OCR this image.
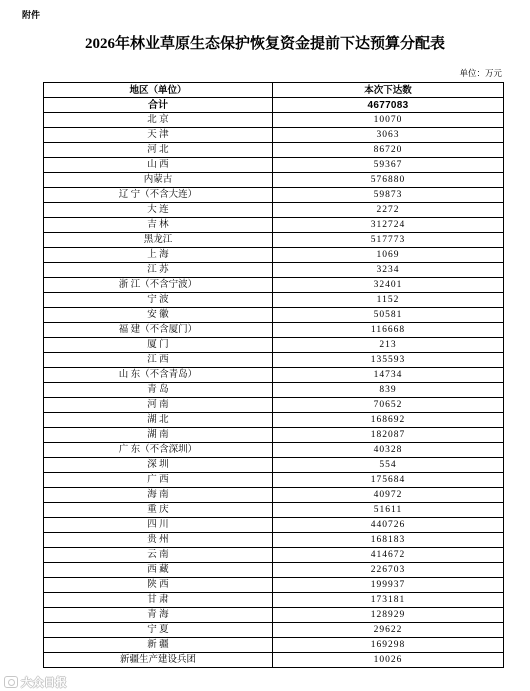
附件
2026年林业草原生态保护恢复资金提前下达预算分配表
单位：万元
地区（单位）	本次下达数
合计	4677083
北 京	10070
天 津	3063
河 北	86720
山 西	59367
内蒙古	576880
辽 宁（不含大连）	59873
大 连	2272
吉 林	312724
黑龙江	517773
上 海	1069
江 苏	3234
浙 江（不含宁波）	32401
宁 波	1152
安 徽	50581
福 建（不含厦门）	116668
厦 门	213
江 西	135593
山 东（不含青岛）	14734
青 岛	839
河 南	70652
湖 北	168692
湖 南	182087
广 东（不含深圳）	40328
深 圳	554
广 西	175684
海 南	40972
重 庆	51611
四 川	440726
贵 州	168183
云 南	414672
西 藏	226703
陕 西	199937
甘 肃	173181
青 海	128929
宁 夏	29622
新 疆	169298
新疆生产建设兵团	10026
大众日报
